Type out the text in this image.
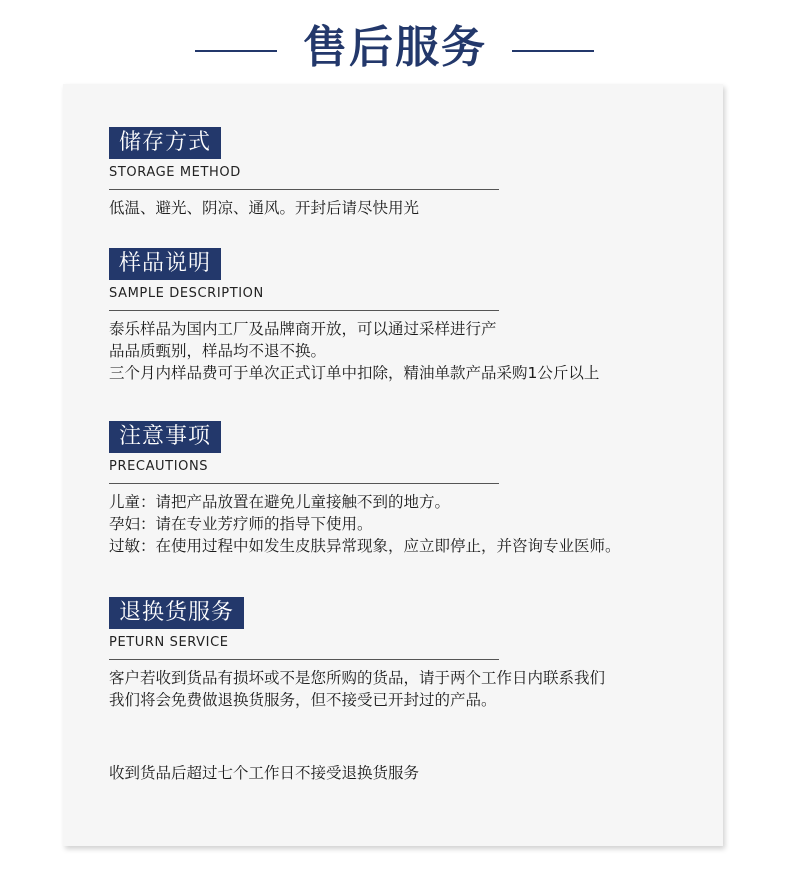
售后服务
储存方式
STORAGE METHOD
低温、避光、阴凉、通风。开封后请尽快用光
样品说明
SAMPLE DESCRIPTION
泰乐样品为国内工厂及品牌商开放，可以通过采样进行产
品品质甄别，样品均不退不换。
三个月内样品费可于单次正式订单中扣除，精油单款产品采购1公斤以上
注意事项
PRECAUTIONS
儿童：请把产品放置在避免儿童接触不到的地方。
孕妇：请在专业芳疗师的指导下使用。
过敏：在使用过程中如发生皮肤异常现象，应立即停止，并咨询专业医师。
退换货服务
PETURN SERVICE
客户若收到货品有损坏或不是您所购的货品，请于两个工作日内联系我们
我们将会免费做退换货服务，但不接受已开封过的产品。
收到货品后超过七个工作日不接受退换货服务
